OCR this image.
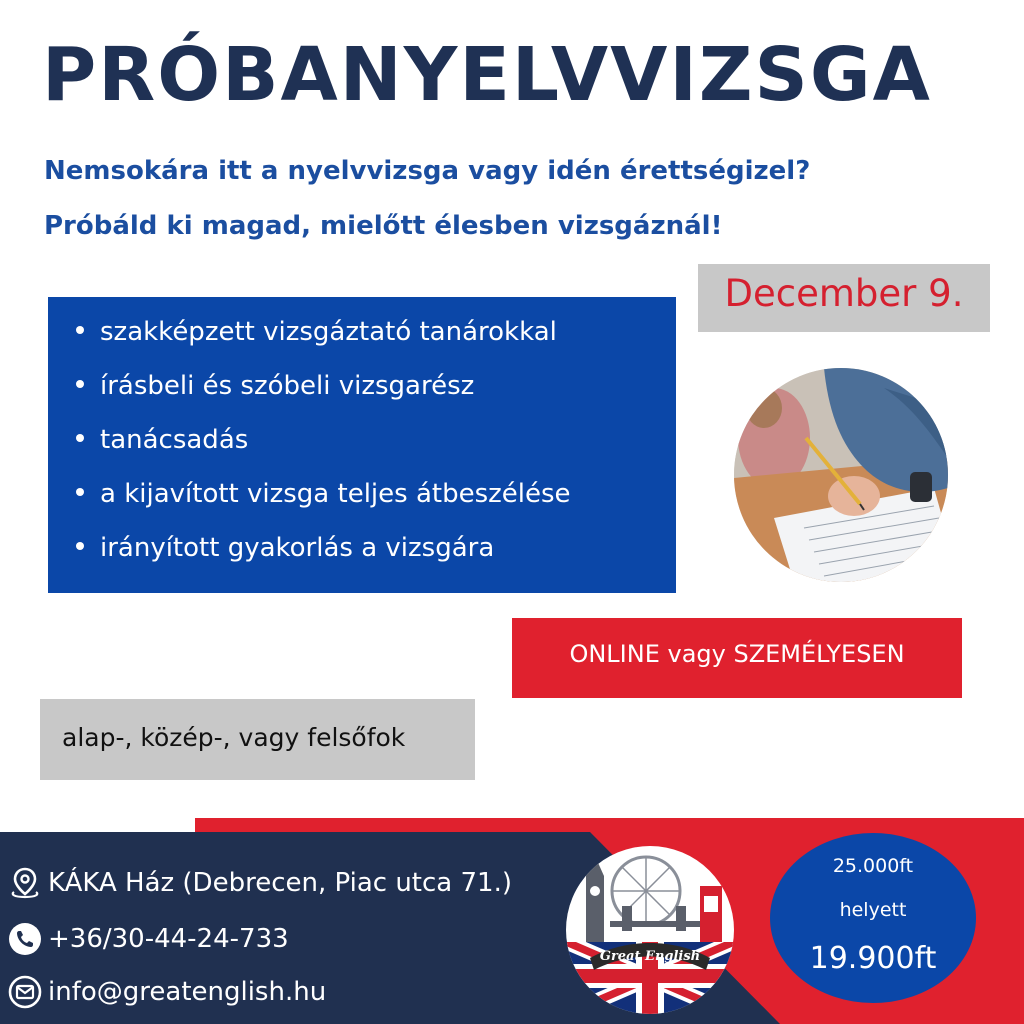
PRÓBANYELVVIZSGA
Nemsokára itt a nyelvvizsga vagy idén érettségizel?
Próbáld ki magad, mielőtt élesben vizsgáznál!
December 9.
szakképzett vizsgáztató tanárokkal
írásbeli és szóbeli vizsgarész
tanácsadás
a kijavított vizsga teljes átbeszélése
irányított gyakorlás a vizsgára
ONLINE vagy SZEMÉLYESEN
alap-, közép-, vagy felsőfok
KÁKA Ház (Debrecen, Piac utca 71.)
+36/30-44-24-733
info@greatenglish.hu
Great English
25.000ft
helyett
19.900ft
